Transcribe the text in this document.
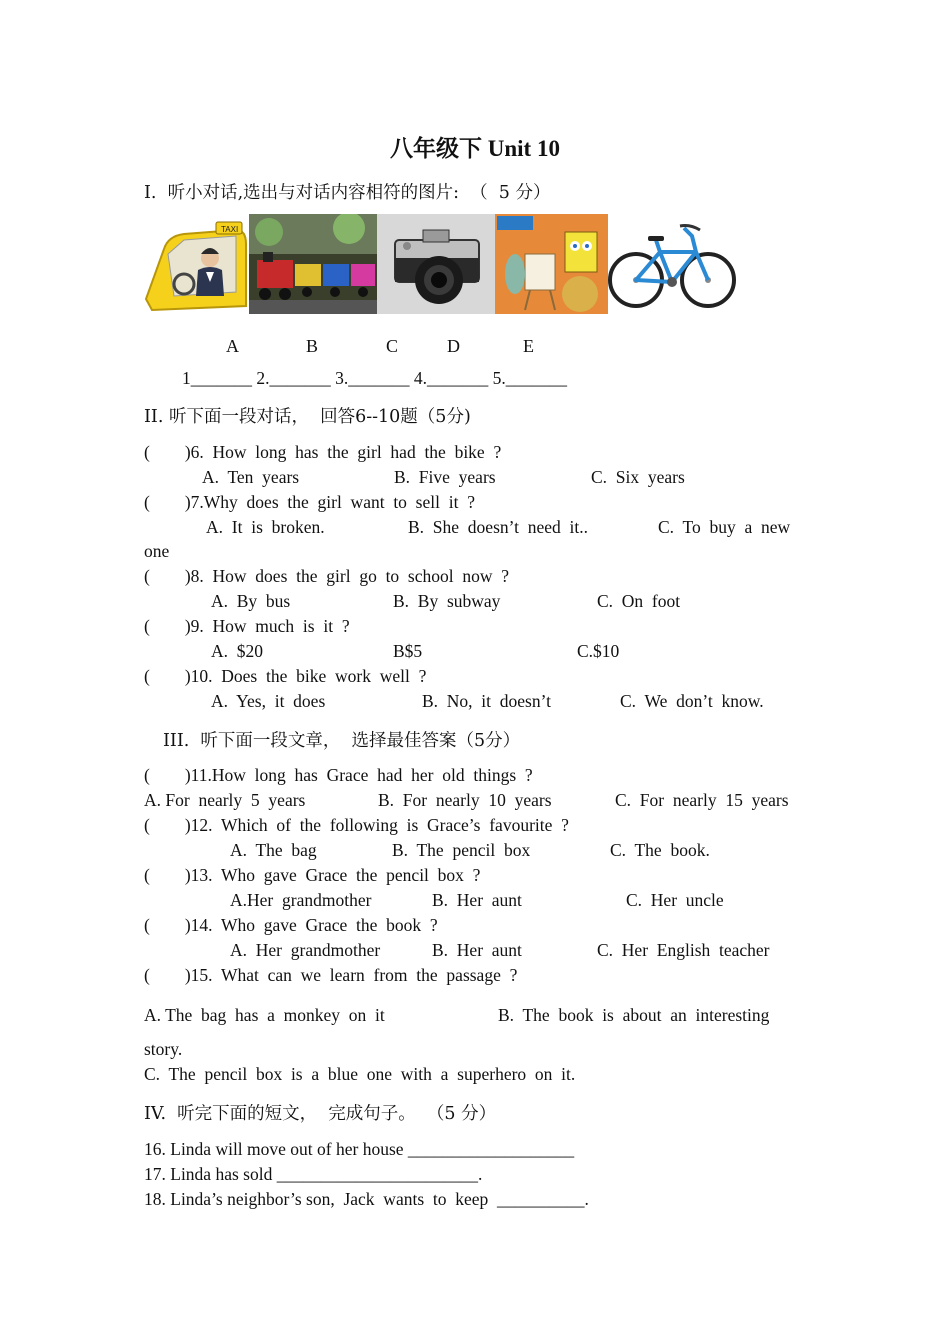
八年级下 Unit 10
I.  听小对话,选出与对话内容相符的图片:  （  5 分）
TAXI
A	B	C	D	E
1_______ 2._______ 3._______ 4._______ 5._______
II. 听下面一段对话，  回答6--10题（5分)
(        )6.  How  long  has  the  girl  had  the  bike  ?
A.  Ten  years	B.  Five  years	C.  Six  years
(        )7.Why  does  the  girl  want  to  sell  it  ?
A.  It  is  broken.	B.  She  doesn’t  need  it..	C.  To  buy  a  new
one
(        )8.  How  does  the  girl  go  to  school  now  ?
A.  By  bus	B.  By  subway	C.  On  foot
(        )9.  How  much  is  it  ?
A.  $20	B$5	C.$10
(        )10.  Does  the  bike  work  well  ?
A.  Yes,  it  does	B.  No,  it  doesn’t	C.  We  don’t  know.
III.  听下面一段文章，  选择最佳答案（5分）
(        )11.How  long  has  Grace  had  her  old  things  ?
A. For  nearly  5  years	B.  For  nearly  10  years	C.  For  nearly  15  years
(        )12.  Which  of  the  following  is  Grace’s  favourite  ?
A.  The  bag	B.  The  pencil  box	C.  The  book.
(        )13.  Who  gave  Grace  the  pencil  box  ?
A.Her  grandmother	B.  Her  aunt	C.  Her  uncle
(        )14.  Who  gave  Grace  the  book  ?
A.  Her  grandmother	B.  Her  aunt	C.  Her  English  teacher
(        )15.  What  can  we  learn  from  the  passage  ?
A. The  bag  has  a  monkey  on  it	B.  The  book  is  about  an  interesting
story.
C.  The  pencil  box  is  a  blue  one  with  a  superhero  on  it.
IV.  听完下面的短文，  完成句子。  （5 分）
16. Linda will move out of her house ___________________
17. Linda has sold _______________________.
18. Linda’s neighbor’s son,  Jack  wants  to  keep  __________.
